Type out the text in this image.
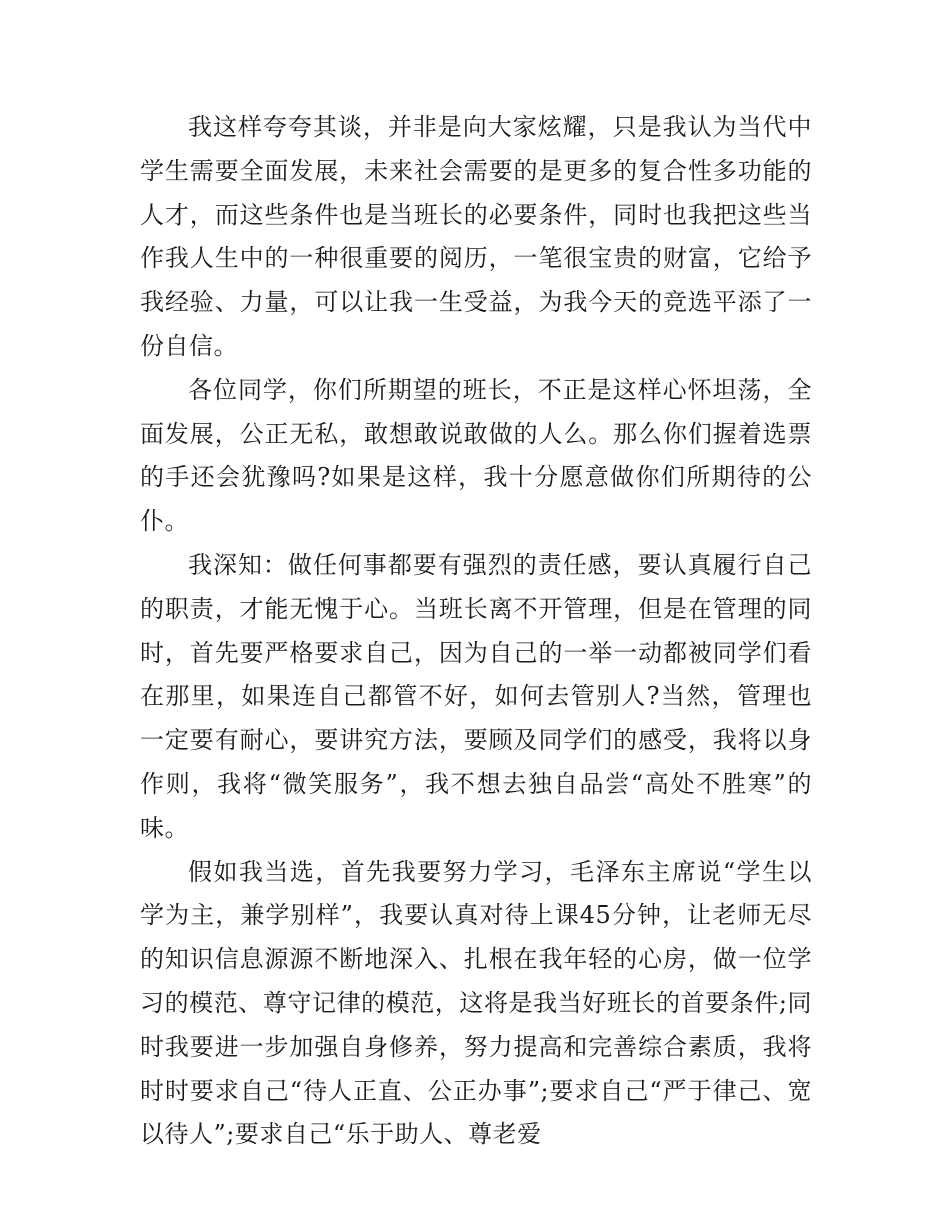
我这样夸夸其谈，并非是向大家炫耀，只是我认为当代中学生需要全面发展，未来社会需要的是更多的复合性多功能的人才，而这些条件也是当班长的必要条件，同时也我把这些当作我人生中的一种很重要的阅历，一笔很宝贵的财富，它给予我经验、力量，可以让我一生受益，为我今天的竞选平添了一份自信。

各位同学，你们所期望的班长，不正是这样心怀坦荡，全面发展，公正无私，敢想敢说敢做的人么。那么你们握着选票的手还会犹豫吗?如果是这样，我十分愿意做你们所期待的公仆。

我深知：做任何事都要有强烈的责任感，要认真履行自己的职责，才能无愧于心。当班长离不开管理，但是在管理的同时，首先要严格要求自己，因为自己的一举一动都被同学们看在那里，如果连自己都管不好，如何去管别人?当然，管理也一定要有耐心，要讲究方法，要顾及同学们的感受，我将以身作则，我将“微笑服务”，我不想去独自品尝“高处不胜寒”的味。

假如我当选，首先我要努力学习，毛泽东主席说“学生以学为主，兼学别样”，我要认真对待上课45分钟，让老师无尽的知识信息源源不断地深入、扎根在我年轻的心房，做一位学习的模范、尊守记律的模范，这将是我当好班长的首要条件;同时我要进一步加强自身修养，努力提高和完善综合素质，我将时时要求自己“待人正直、公正办事”;要求自己“严于律己、宽以待人”;要求自己“乐于助人、尊老爱
